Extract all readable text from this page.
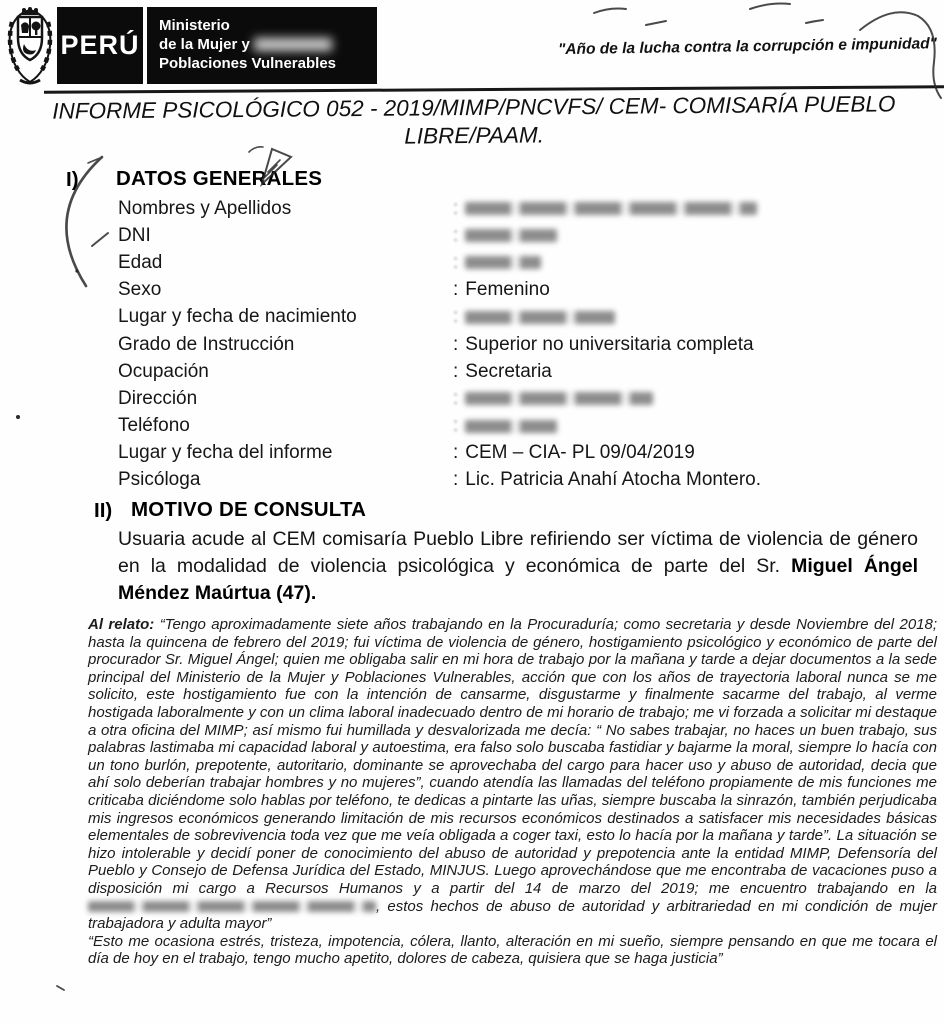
PERÚ
Ministerio
de la Mujer y
Poblaciones Vulnerables
"Año de la lucha contra la corrupción e impunidad"
INFORME PSICOLÓGICO 052 - 2019/MIMP/PNCVFS/ CEM- COMISARÍA PUEBLO
LIBRE/PAAM.
I) DATOS GENERALES
Nombres y Apellidos	:
DNI	:
Edad	:
Sexo	: Femenino
Lugar y fecha de nacimiento	:
Grado de Instrucción	: Superior no universitaria completa
Ocupación	: Secretaria
Dirección	:
Teléfono	:
Lugar y fecha del informe	: CEM – CIA- PL 09/04/2019
Psicóloga	: Lic. Patricia Anahí Atocha Montero.
II) MOTIVO DE CONSULTA
Usuaria acude al CEM comisaría Pueblo Libre refiriendo ser víctima de violencia de género en la modalidad de violencia psicológica y económica de parte del Sr. Miguel Ángel Méndez Maúrtua (47).
Al relato: “Tengo aproximadamente siete años trabajando en la Procuraduría; como secretaria y desde Noviembre del 2018; hasta la quincena de febrero del 2019; fui víctima de violencia de género, hostigamiento psicológico y económico de parte del procurador Sr. Miguel Ángel; quien me obligaba salir en mi hora de trabajo por la mañana y tarde a dejar documentos a la sede principal del Ministerio de la Mujer y Poblaciones Vulnerables, acción que con los años de trayectoria laboral nunca se me solicito, este hostigamiento fue con la intención de cansarme, disgustarme y finalmente sacarme del trabajo, al verme hostigada laboralmente y con un clima laboral inadecuado dentro de mi horario de trabajo; me vi forzada a solicitar mi destaque a otra oficina del MIMP; así mismo fui humillada y desvalorizada me decía: “ No sabes trabajar, no haces un buen trabajo, sus palabras lastimaba mi capacidad laboral y autoestima, era falso solo buscaba fastidiar y bajarme la moral, siempre lo hacía con un tono burlón, prepotente, autoritario, dominante se aprovechaba del cargo para hacer uso y abuso de autoridad, decia que ahí solo deberían trabajar hombres y no mujeres”, cuando atendía las llamadas del teléfono propiamente de mis funciones me criticaba diciéndome solo hablas por teléfono, te dedicas a pintarte las uñas, siempre buscaba la sinrazón, también perjudicaba mis ingresos económicos generando limitación de mis recursos económicos destinados a satisfacer mis necesidades básicas elementales de sobrevivencia toda vez que me veía obligada a coger taxi, esto lo hacía por la mañana y tarde”. La situación se hizo intolerable y decidí poner de conocimiento del abuso de autoridad y prepotencia ante la entidad MIMP, Defensoría del Pueblo y Consejo de Defensa Jurídica del Estado, MINJUS. Luego aprovechándose que me encontraba de vacaciones puso a disposición mi cargo a Recursos Humanos y a partir del 14 de marzo del 2019; me encuentro trabajando en la , estos hechos de abuso de autoridad y arbitrariedad en mi condición de mujer trabajadora y adulta mayor”
“Esto me ocasiona estrés, tristeza, impotencia, cólera, llanto, alteración en mi sueño, siempre pensando en que me tocara el día de hoy en el trabajo, tengo mucho apetito, dolores de cabeza, quisiera que se haga justicia”
